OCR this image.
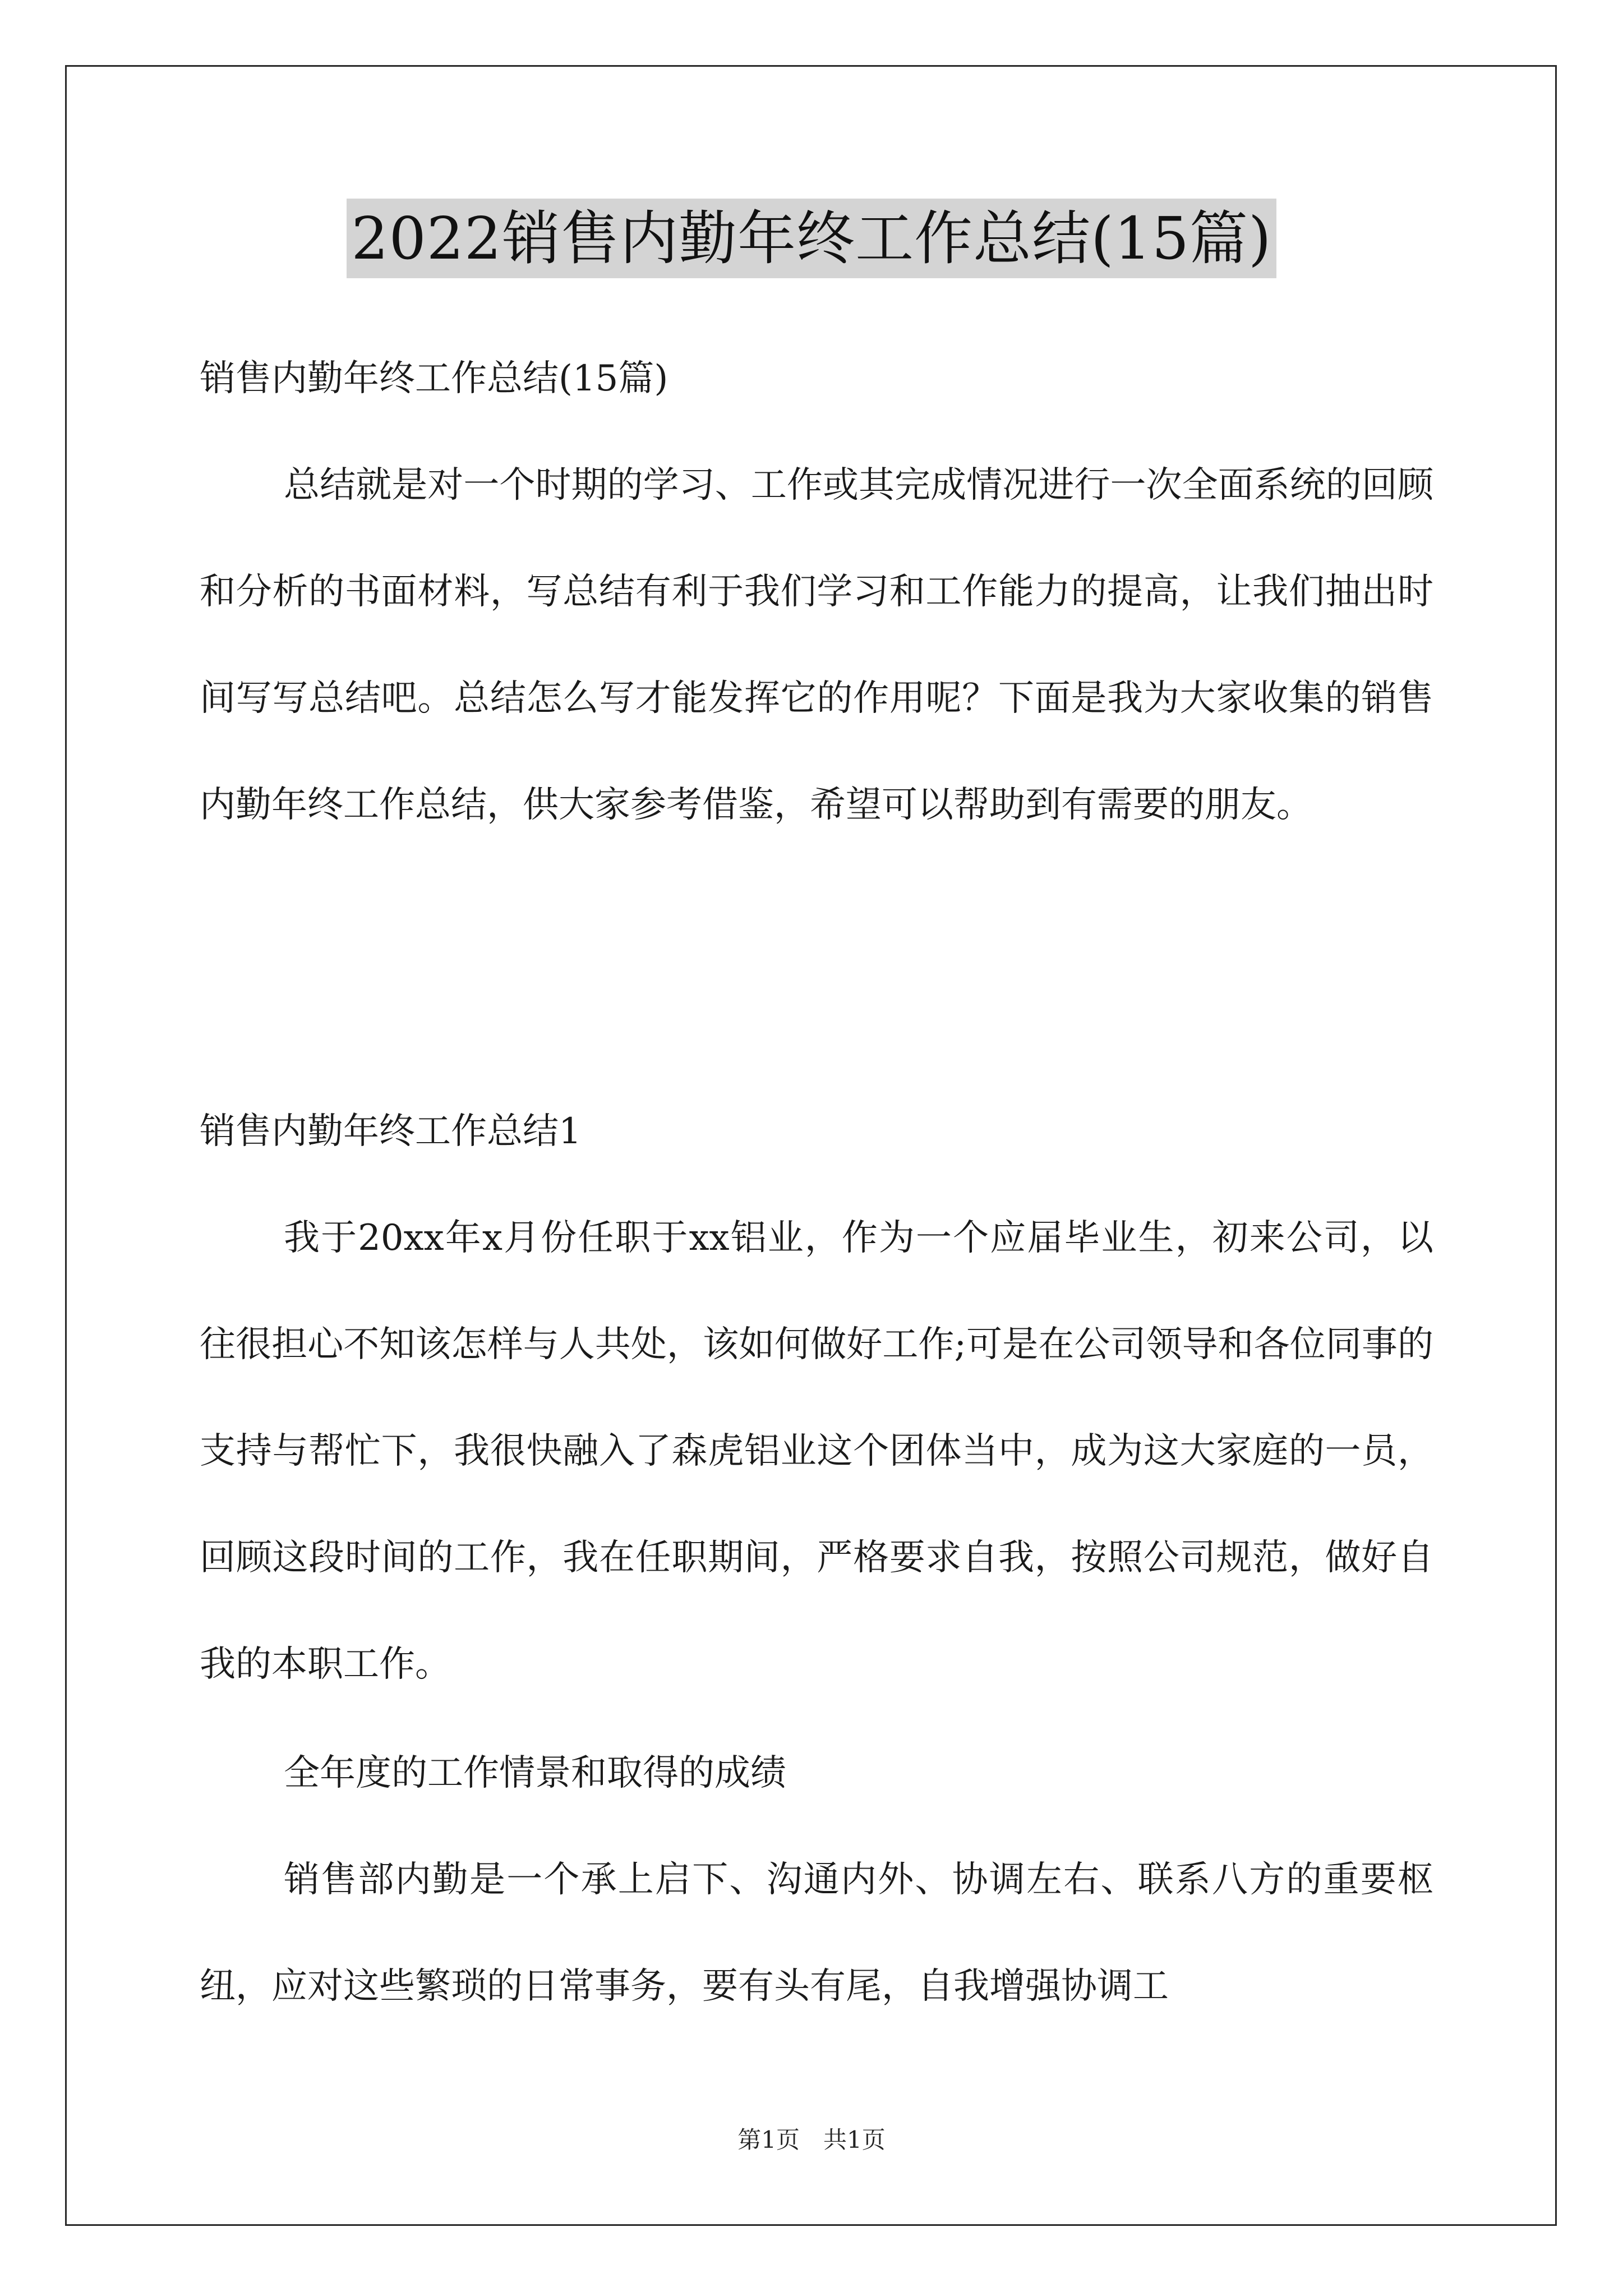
2022销售内勤年终工作总结(15篇)

销售内勤年终工作总结(15篇)

总结就是对一个时期的学习、工作或其完成情况进行一次全面系统的回顾和分析的书面材料，写总结有利于我们学习和工作能力的提高，让我们抽出时间写写总结吧。总结怎么写才能发挥它的作用呢？下面是我为大家收集的销售内勤年终工作总结，供大家参考借鉴，希望可以帮助到有需要的朋友。

销售内勤年终工作总结1

我于20xx年x月份任职于xx铝业，作为一个应届毕业生，初来公司，以往很担心不知该怎样与人共处，该如何做好工作;可是在公司领导和各位同事的支持与帮忙下，我很快融入了森虎铝业这个团体当中，成为这大家庭的一员，回顾这段时间的工作，我在任职期间，严格要求自我，按照公司规范，做好自我的本职工作。

全年度的工作情景和取得的成绩

销售部内勤是一个承上启下、沟通内外、协调左右、联系八方的重要枢纽，应对这些繁琐的日常事务，要有头有尾，自我增强协调工

第1页　共1页
